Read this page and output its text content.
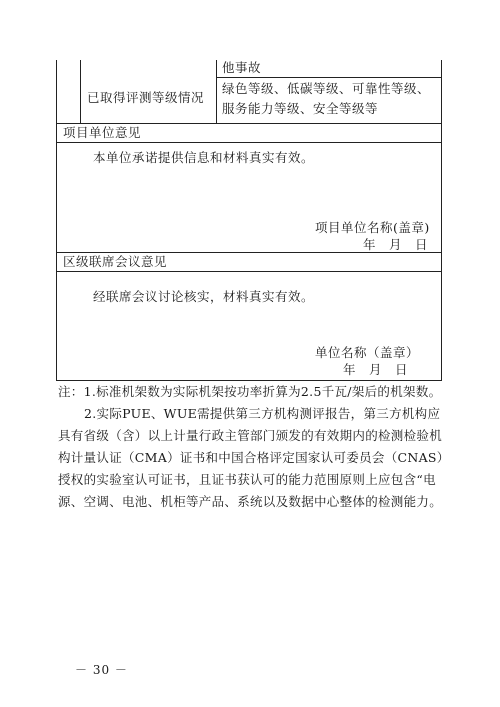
他事故
已取得评测等级情况
绿色等级、低碳等级、可靠性等级、
服务能力等级、安全等级等
项目单位意见
本单位承诺提供信息和材料真实有效。
项目单位名称(盖章)
年　月　日
区级联席会议意见
经联席会议讨论核实，材料真实有效。
单位名称（盖章）
年　月　日

注：1.标准机架数为实际机架按功率折算为2.5千瓦/架后的机架数。

2.实际PUE、WUE需提供第三方机构测评报告，第三方机构应具有省级（含）以上计量行政主管部门颁发的有效期内的检测检验机构计量认证（CMA）证书和中国合格评定国家认可委员会（CNAS）授权的实验室认可证书，且证书获认可的能力范围原则上应包含“电源、空调、电池、机柜等产品、系统以及数据中心整体的检测能力。

－ 30 －
